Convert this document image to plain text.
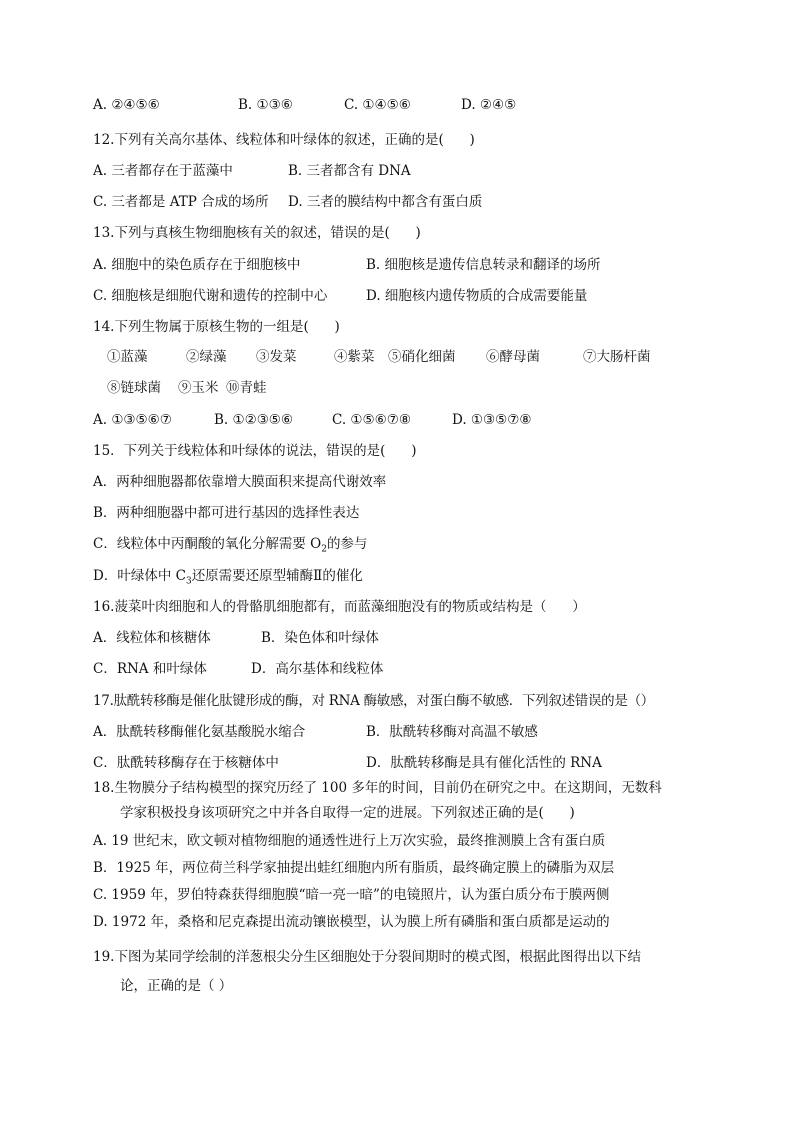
A. ②④⑤⑥	B. ①③⑥	C. ①④⑤⑥	D. ②④⑤
12.下列有关高尔基体、线粒体和叶绿体的叙述，正确的是(      )
A. 三者都存在于蓝藻中	B. 三者都含有 DNA
C. 三者都是 ATP 合成的场所 D. 三者的膜结构中都含有蛋白质
13.下列与真核生物细胞核有关的叙述，错误的是(      )
A. 细胞中的染色质存在于细胞核中	B. 细胞核是遗传信息转录和翻译的场所
C. 细胞核是细胞代谢和遗传的控制中心	D. 细胞核内遗传物质的合成需要能量
14.下列生物属于原核生物的一组是(      )
①蓝藻	②绿藻 ③发菜	④紫菜 ⑤硝化细菌 ⑥酵母菌	⑦大肠杆菌
⑧链球菌 ⑨玉米 ⑩青蛙
A. ①③⑤⑥⑦	B. ①②③⑤⑥	C. ①⑤⑥⑦⑧	D. ①③⑤⑦⑧
15．下列关于线粒体和叶绿体的说法，错误的是(      )
A．两种细胞器都依靠增大膜面积来提高代谢效率
B．两种细胞器中都可进行基因的选择性表达
C．线粒体中丙酮酸的氧化分解需要 $O_2$的参与
D．叶绿体中 $C_3$还原需要还原型辅酶Ⅱ的催化
16.菠菜叶肉细胞和人的骨骼肌细胞都有，而蓝藻细胞没有的物质或结构是（      ）
A．线粒体和核糖体	B．染色体和叶绿体
C．RNA 和叶绿体	D．高尔基体和线粒体
17.肽酰转移酶是催化肽键形成的酶，对 RNA 酶敏感，对蛋白酶不敏感．下列叙述错误的是（）
A．肽酰转移酶催化氨基酸脱水缩合	B．肽酰转移酶对高温不敏感
C．肽酰转移酶存在于核糖体中	D．肽酰转移酶是具有催化活性的 RNA
18.生物膜分子结构模型的探究历经了 100 多年的时间，目前仍在研究之中。在这期间，无数科
学家积极投身该项研究之中并各自取得一定的进展。下列叙述正确的是(      )
A. 19 世纪末，欧文顿对植物细胞的通透性进行上万次实验，最终推测膜上含有蛋白质
B．1925 年，两位荷兰科学家抽提出蛙红细胞内所有脂质，最终确定膜上的磷脂为双层
C. 1959 年，罗伯特森获得细胞膜“暗一亮一暗”的电镜照片，认为蛋白质分布于膜两侧
D. 1972 年，桑格和尼克森提出流动镶嵌模型，认为膜上所有磷脂和蛋白质都是运动的
19.下图为某同学绘制的洋葱根尖分生区细胞处于分裂间期时的模式图，根据此图得出以下结
论，正确的是（ ）
